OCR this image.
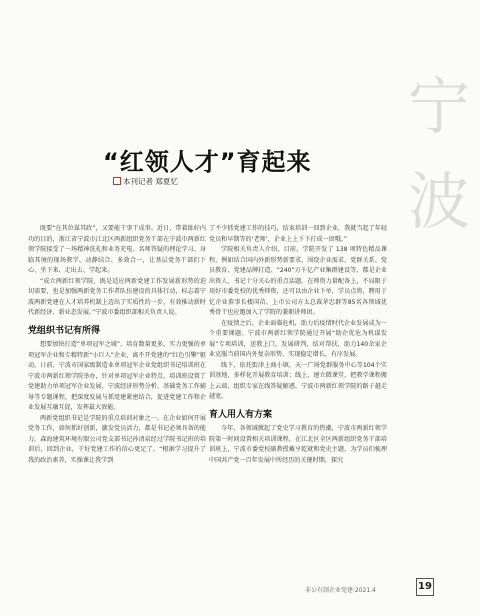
宁
波
“红领人才”育起来
本刊记者 郑夏忆

既要“在其位谋其政”，又要能干事干成事。近日，带着练好内功的目的，浙江省宁波市江北区两新组织党务干部在宁波市两新红领学院接受了一场精神洗礼和业务充电。名师答疑的理论学习、身临其境的现场教学、动静结合、多效合一，让基层党务干部们下心、坐下来、走出去、学起来。

“成立两新红领学院，既是适应两新党建工作发展新形势的迫切需要，也是加强两新党务工作者队伍建设的具体行动，标志着宁波两新党建在人才培养机制上迈出了实质性的一步，有效推动新时代新经济、新业态发展。”宁波市委组织部相关负责人说。

党组织书记有所得

想要加快打造“单项冠军之城”，培育数量更多、实力更强的单项冠军企业和专精特新“小巨人”企业，离不开党建的“红色引擎”驱动。日前，宁波市国家级制造业单项冠军企业党组织书记培训班在宁波市两新红领学院举办，针对单项冠军企业特点，培训班设置了党建助力单项冠军企业发展、宁波经济形势分析、基础党务工作辅导等专题课程，把深度发展与抓党建紧密结合，促进党建工作和企业发展互融互促，发挥最大效能。

两新党组织书记是学院的重点培训对象之一。在企业如何开展党务工作，如何抓好创新，激发党员活力，都是书记必须具备的能力。森海建筑环境有限公司党支部书记孙清泉经过学院书记班的培训后，回到企业，干好党建工作的信心更足了。“根据学习提升了我的政治素养，实操课让我学到

了不少抓党建工作的技巧，结束培训一回到企业，我就当起了年轻党员和早期等的‘老师’，企业上上下下打成一团哦。”

学院相关负责人介绍，目前，学院开发了 138 项特色精品课程，例如结合国内外新形势新要求，围绕企业需求，党群关系、党员教育、党建品牌打造、“240”万千亿产业集群建设等，都是企业出资人、书记十分关心的重点话题。在师资力量配备上，不局限于用好市委党校的优秀师资，还可以由企业下单，学员点将，聘用于忆企业董事长楼国苗、上市公司方太总裁茅忠群等85名各领域优秀骨干也应邀加入了学院的兼职讲师团。

在疫情之后，企业面临危机，助力后疫情时代企业发展成为一个重要课题。宁波市两新红领学院通过开展“助企优危为机谋发展”专项培训，送教上门，发展研判，结对帮扶，助力140余家企业克服当前国内外复杂形势，实现稳定增长，有序发展。

线下，依托街津上商小镇，天一广场党群服务中心等104个实训基地，多样化开展教育培训；线上，建立微课堂，把教学课程搬上云端，组织专家在线答疑解惑，宁波市两新红领学院的路子越走越宽。

育人用人有方案

今年，各领域掀起了党史学习教育的热潮，宁波市两新红领学院第一时间设置相关培训课程，在江北区全区两新组织党务干部培训班上，宁波市委党校副教授戴亨乾就和党史主题，为学员们梳理中国共产党一百年发展中所经历的关键时期，探究

非公有制企业党建·2021.4	19
